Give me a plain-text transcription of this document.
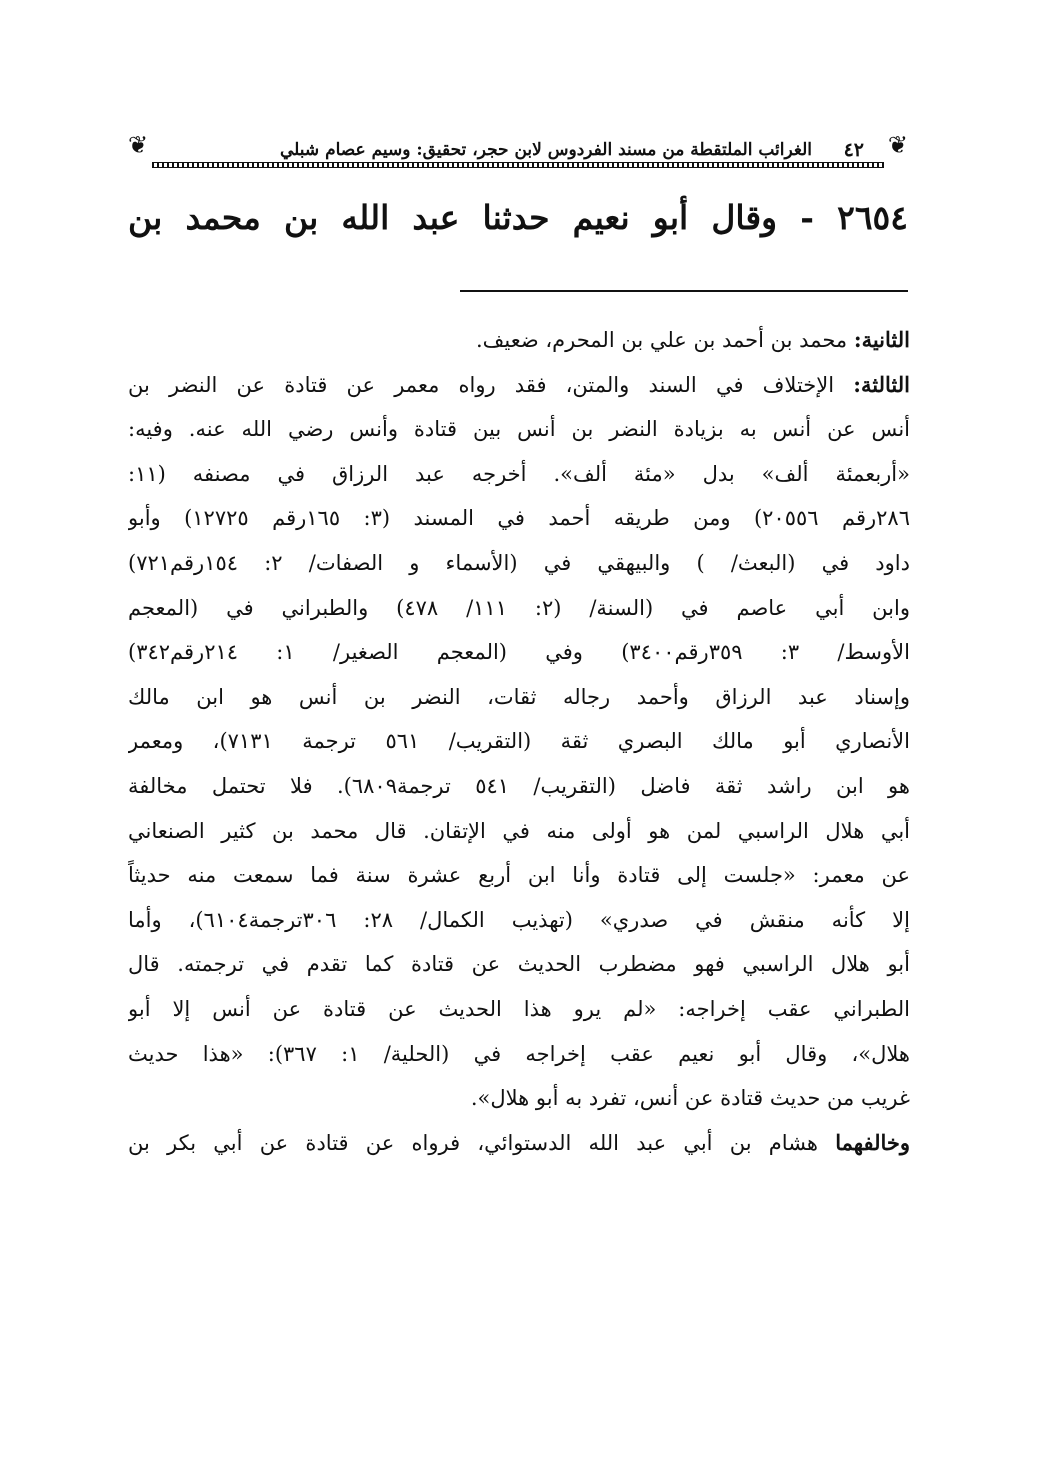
❦
٤٢
الغرائب الملتقطة من مسند الفردوس لابن حجر، تحقيق: وسيم عصام شبلي
❦
٢٦٥٤ - وقال أبو نعيم حدثنا عبد الله بن محمد بن

الثانية: محمد بن أحمد بن علي بن المحرم، ضعيف.

الثالثة: الإختلاف في السند والمتن، فقد رواه معمر عن قتادة عن النضر بن
أنس عن أنس به بزيادة النضر بن أنس بين قتادة وأنس رضي الله عنه. وفيه:
«أربعمئة ألف» بدل «مئة ألف». أخرجه عبد الرزاق في مصنفه (١١:
٢٨٦رقم ٢٠٥٥٦) ومن طريقه أحمد في المسند (٣: ١٦٥رقم ١٢٧٢٥) وأبو
داود في (البعث/ ) والبيهقي في (الأسماء و الصفات/ ٢: ١٥٤رقم٧٢١)
وابن أبي عاصم في (السنة/ (٢: ١١١/ ٤٧٨) والطبراني في (المعجم
الأوسط/ ٣: ٣٥٩رقم٣٤٠٠) وفي (المعجم الصغير/ ١: ٢١٤رقم٣٤٢)
وإسناد عبد الرزاق وأحمد رجاله ثقات، النضر بن أنس هو ابن مالك
الأنصاري أبو مالك البصري ثقة (التقريب/ ٥٦١ ترجمة ٧١٣١)، ومعمر
هو ابن راشد ثقة فاضل (التقريب/ ٥٤١ ترجمة٦٨٠٩). فلا تحتمل مخالفة
أبي هلال الراسبي لمن هو أولى منه في الإتقان. قال محمد بن كثير الصنعاني
عن معمر: «جلست إلى قتادة وأنا ابن أربع عشرة سنة فما سمعت منه حديثاً
إلا كأنه منقش في صدري» (تهذيب الكمال/ ٢٨: ٣٠٦ترجمة٦١٠٤)، وأما
أبو هلال الراسبي فهو مضطرب الحديث عن قتادة كما تقدم في ترجمته. قال
الطبراني عقب إخراجه: «لم يرو هذا الحديث عن قتادة عن أنس إلا أبو
هلال»، وقال أبو نعيم عقب إخراجه في (الحلية/ ١: ٣٦٧): «هذا حديث
غريب من حديث قتادة عن أنس، تفرد به أبو هلال».

وخالفهما هشام بن أبي عبد الله الدستوائي، فرواه عن قتادة عن أبي بكر بن
